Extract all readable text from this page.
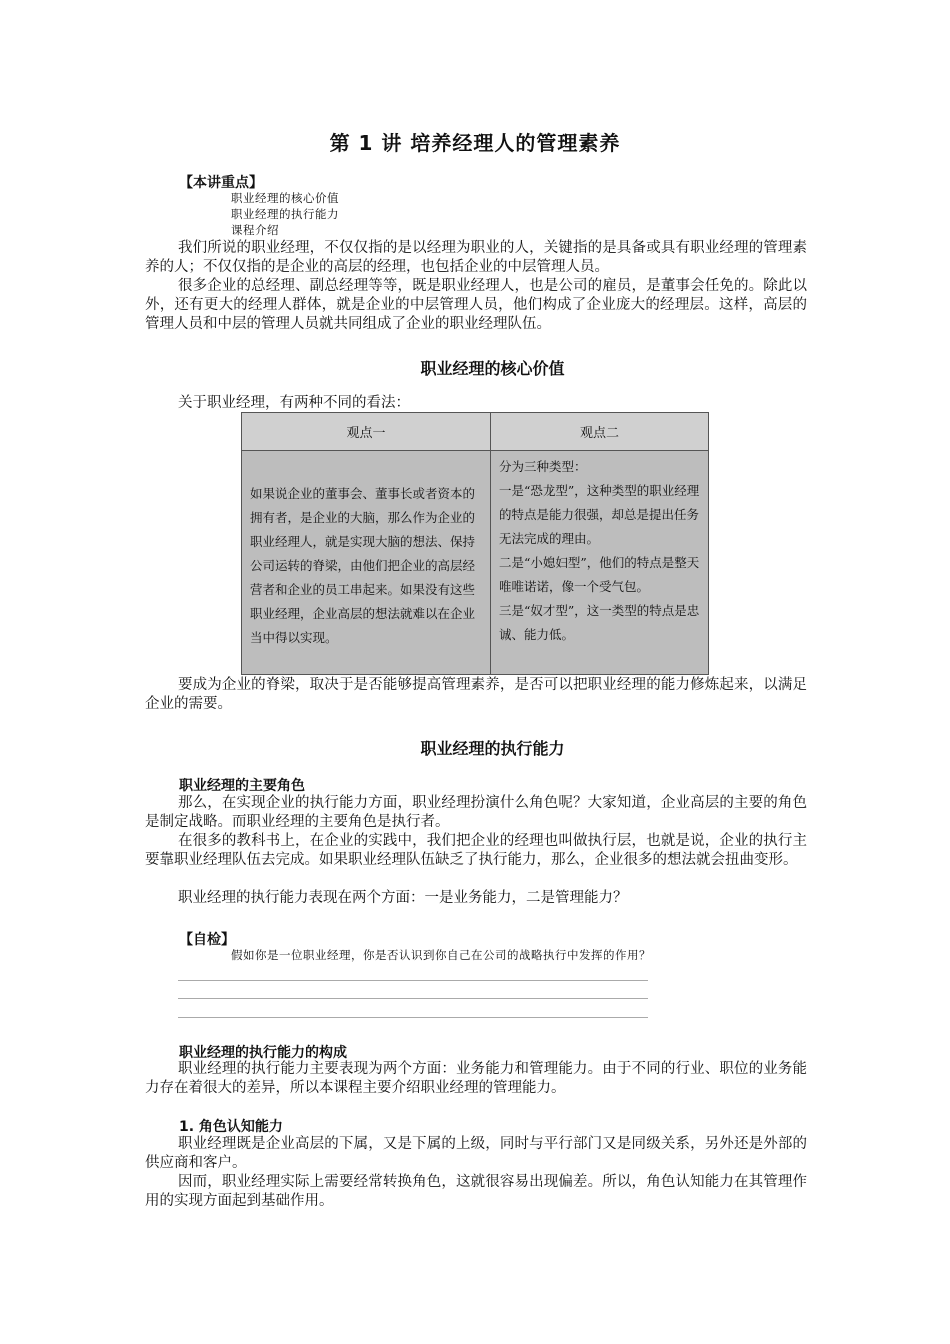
第 1 讲 培养经理人的管理素养
【本讲重点】
职业经理的核心价值
职业经理的执行能力
课程介绍
我们所说的职业经理，不仅仅指的是以经理为职业的人，关键指的是具备或具有职业经理的管理素养的人；不仅仅指的是企业的高层的经理，也包括企业的中层管理人员。
很多企业的总经理、副总经理等等，既是职业经理人，也是公司的雇员，是董事会任免的。除此以外，还有更大的经理人群体，就是企业的中层管理人员，他们构成了企业庞大的经理层。这样，高层的管理人员和中层的管理人员就共同组成了企业的职业经理队伍。
职业经理的核心价值
关于职业经理，有两种不同的看法：
观点一	观点二
如果说企业的董事会、董事长或者资本的拥有者，是企业的大脑，那么作为企业的职业经理人，就是实现大脑的想法、保持公司运转的脊梁，由他们把企业的高层经营者和企业的员工串起来。如果没有这些职业经理，企业高层的想法就难以在企业当中得以实现。	分为三种类型：
一是“恐龙型”，这种类型的职业经理的特点是能力很强，却总是提出任务无法完成的理由。
二是“小媳妇型”，他们的特点是整天唯唯诺诺，像一个受气包。
三是“奴才型”，这一类型的特点是忠诚、能力低。
要成为企业的脊梁，取决于是否能够提高管理素养，是否可以把职业经理的能力修炼起来，以满足企业的需要。
职业经理的执行能力
职业经理的主要角色
那么，在实现企业的执行能力方面，职业经理扮演什么角色呢？大家知道，企业高层的主要的角色是制定战略。而职业经理的主要角色是执行者。
在很多的教科书上，在企业的实践中，我们把企业的经理也叫做执行层，也就是说，企业的执行主要靠职业经理队伍去完成。如果职业经理队伍缺乏了执行能力，那么，企业很多的想法就会扭曲变形。
职业经理的执行能力表现在两个方面：一是业务能力，二是管理能力？
【自检】
假如你是一位职业经理，你是否认识到你自己在公司的战略执行中发挥的作用？
职业经理的执行能力的构成
职业经理的执行能力主要表现为两个方面：业务能力和管理能力。由于不同的行业、职位的业务能力存在着很大的差异，所以本课程主要介绍职业经理的管理能力。
1. 角色认知能力
职业经理既是企业高层的下属，又是下属的上级，同时与平行部门又是同级关系，另外还是外部的供应商和客户。
因而，职业经理实际上需要经常转换角色，这就很容易出现偏差。所以，角色认知能力在其管理作用的实现方面起到基础作用。
